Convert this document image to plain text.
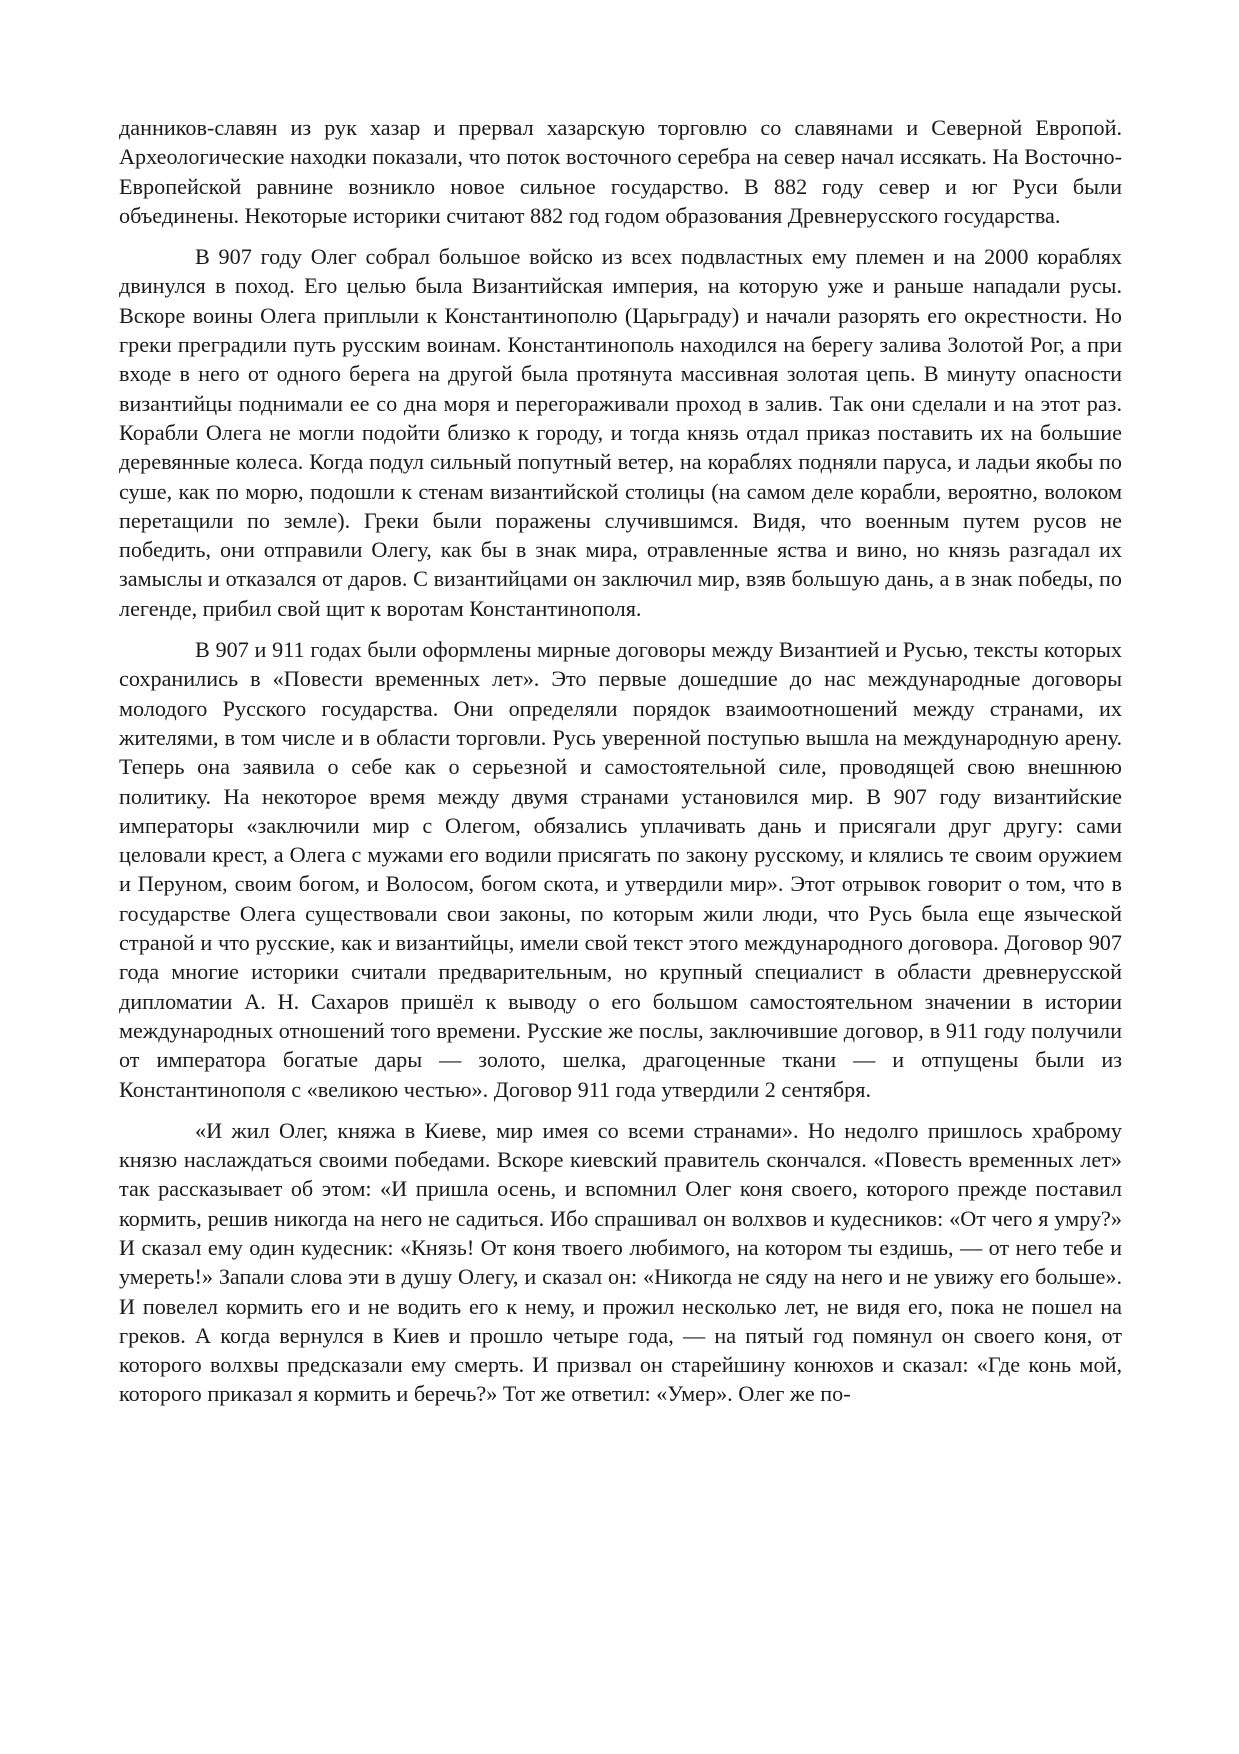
данников-славян из рук хазар и прервал хазарскую торговлю со славянами и Северной Европой. Археологические находки показали, что поток восточного серебра на север начал иссякать. На Восточно-Европейской равнине возникло новое сильное государство. В 882 году север и юг Руси были объединены. Некоторые историки считают 882 год годом образования Древнерусского государства.

В 907 году Олег собрал большое войско из всех подвластных ему племен и на 2000 кораблях двинулся в поход. Его целью была Византийская империя, на которую уже и раньше нападали русы. Вскоре воины Олега приплыли к Константинополю (Царьграду) и начали разорять его окрестности. Но греки преградили путь русским воинам. Константинополь находился на берегу залива Золотой Рог, а при входе в него от одного берега на другой была протянута массивная золотая цепь. В минуту опасности византийцы поднимали ее со дна моря и перегораживали проход в залив. Так они сделали и на этот раз. Корабли Олега не могли подойти близко к городу, и тогда князь отдал приказ поставить их на большие деревянные колеса. Когда подул сильный попутный ветер, на кораблях подняли паруса, и ладьи якобы по суше, как по морю, подошли к стенам византийской столицы (на самом деле корабли, вероятно, волоком перетащили по земле). Греки были поражены случившимся. Видя, что военным путем русов не победить, они отправили Олегу, как бы в знак мира, отравленные яства и вино, но князь разгадал их замыслы и отказался от даров. С византийцами он заключил мир, взяв большую дань, а в знак победы, по легенде, прибил свой щит к воротам Константинополя.

В 907 и 911 годах были оформлены мирные договоры между Византией и Русью, тексты которых сохранились в «Повести временных лет». Это первые дошедшие до нас международные договоры молодого Русского государства. Они определяли порядок взаимоотношений между странами, их жителями, в том числе и в области торговли. Русь уверенной поступью вышла на международную арену. Теперь она заявила о себе как о серьезной и самостоятельной силе, проводящей свою внешнюю политику. На некоторое время между двумя странами установился мир. В 907 году византийские императоры «заключили мир с Олегом, обязались уплачивать дань и присягали друг другу: сами целовали крест, а Олега с мужами его водили присягать по закону русскому, и клялись те своим оружием и Перуном, своим богом, и Волосом, богом скота, и утвердили мир». Этот отрывок говорит о том, что в государстве Олега существовали свои законы, по которым жили люди, что Русь была еще языческой страной и что русские, как и византийцы, имели свой текст этого международного договора. Договор 907 года многие историки считали предварительным, но крупный специалист в области древнерусской дипломатии А. Н. Сахаров пришёл к выводу о его большом самостоятельном значении в истории международных отношений того времени. Русские же послы, заключившие договор, в 911 году получили от императора богатые дары — золото, шелка, драгоценные ткани — и отпущены были из Константинополя с «великою честью». Договор 911 года утвердили 2 сентября.

«И жил Олег, княжа в Киеве, мир имея со всеми странами». Но недолго пришлось храброму князю наслаждаться своими победами. Вскоре киевский правитель скончался. «Повесть временных лет» так рассказывает об этом: «И пришла осень, и вспомнил Олег коня своего, которого прежде поставил кормить, решив никогда на него не садиться. Ибо спрашивал он волхвов и кудесников: «От чего я умру?» И сказал ему один кудесник: «Князь! От коня твоего любимого, на котором ты ездишь, — от него тебе и умереть!» Запали слова эти в душу Олегу, и сказал он: «Никогда не сяду на него и не увижу его больше». И повелел кормить его и не водить его к нему, и прожил несколько лет, не видя его, пока не пошел на греков. А когда вернулся в Киев и прошло четыре года, — на пятый год помянул он своего коня, от которого волхвы предсказали ему смерть. И призвал он старейшину конюхов и сказал: «Где конь мой, которого приказал я кормить и беречь?» Тот же ответил: «Умер». Олег же по-
